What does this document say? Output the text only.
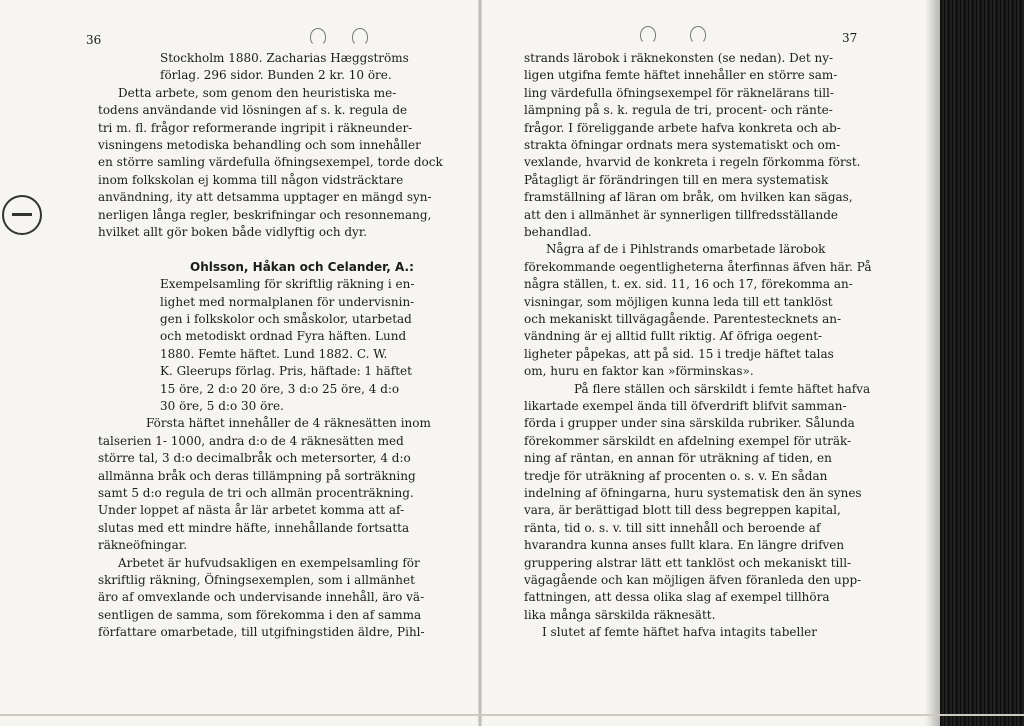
36	37
Stockholm 1880. Zacharias Hæggströms
förlag. 296 sidor. Bunden 2 kr. 10 öre.
Detta arbete, som genom den heuristiska me-
todens användande vid lösningen af s. k. regula de
tri m. fl. frågor reformerande ingripit i räkneunder-
visningens metodiska behandling och som innehåller
en större samling värdefulla öfningsexempel, torde dock
inom folkskolan ej komma till någon vidsträcktare
användning, ity att detsamma upptager en mängd syn-
nerligen långa regler, beskrifningar och resonnemang,
hvilket allt gör boken både vidlyftig och dyr.
Ohlsson, Håkan och Celander, A.:
Exempelsamling för skriftlig räkning i en-
lighet med normalplanen för undervisnin-
gen i folkskolor och småskolor, utarbetad
och metodiskt ordnad Fyra häften. Lund
1880. Femte häftet. Lund 1882. C. W.
K. Gleerups förlag. Pris, häftade: 1 häftet
15 öre, 2 d:o 20 öre, 3 d:o 25 öre, 4 d:o
30 öre, 5 d:o 30 öre.
Första häftet innehåller de 4 räknesätten inom
talserien 1- 1000, andra d:o de 4 räknesätten med
större tal, 3 d:o decimalbråk och metersorter, 4 d:o
allmänna bråk och deras tillämpning på sorträkning
samt 5 d:o regula de tri och allmän procenträkning.
Under loppet af nästa år lär arbetet komma att af-
slutas med ett mindre häfte, innehållande fortsatta
räkneöfningar.
Arbetet är hufvudsakligen en exempelsamling för
skriftlig räkning, Öfningsexemplen, som i allmänhet
äro af omvexlande och undervisande innehåll, äro vä-
sentligen de samma, som förekomma i den af samma
författare omarbetade, till utgifningstiden äldre, Pihl-
strands lärobok i räknekonsten (se nedan). Det ny-
ligen utgifna femte häftet innehåller en större sam-
ling värdefulla öfningsexempel för räknelärans till-
lämpning på s. k. regula de tri, procent- och ränte-
frågor. I föreliggande arbete hafva konkreta och ab-
strakta öfningar ordnats mera systematiskt och om-
vexlande, hvarvid de konkreta i regeln förkomma först.
Påtagligt är förändringen till en mera systematisk
framställning af läran om bråk, om hvilken kan sägas,
att den i allmänhet är synnerligen tillfredsställande
behandlad.
Några af de i Pihlstrands omarbetade lärobok
förekommande oegentligheterna återfinnas äfven här. På
några ställen, t. ex. sid. 11, 16 och 17, förekomma an-
visningar, som möjligen kunna leda till ett tanklöst
och mekaniskt tillvägagående. Parentestecknets an-
vändning är ej alltid fullt riktig. Af öfriga oegent-
ligheter påpekas, att på sid. 15 i tredje häftet talas
om, huru en faktor kan »förminskas».
På flere ställen och särskildt i femte häftet hafva
likartade exempel ända till öfverdrift blifvit samman-
förda i grupper under sina särskilda rubriker. Sålunda
förekommer särskildt en afdelning exempel för uträk-
ning af räntan, en annan för uträkning af tiden, en
tredje för uträkning af procenten o. s. v. En sådan
indelning af öfningarna, huru systematisk den än synes
vara, är berättigad blott till dess begreppen kapital,
ränta, tid o. s. v. till sitt innehåll och beroende af
hvarandra kunna anses fullt klara. En längre drifven
gruppering alstrar lätt ett tanklöst och mekaniskt till-
vägagående och kan möjligen äfven föranleda den upp-
fattningen, att dessa olika slag af exempel tillhöra
lika många särskilda räknesätt.
I slutet af femte häftet hafva intagits tabeller
